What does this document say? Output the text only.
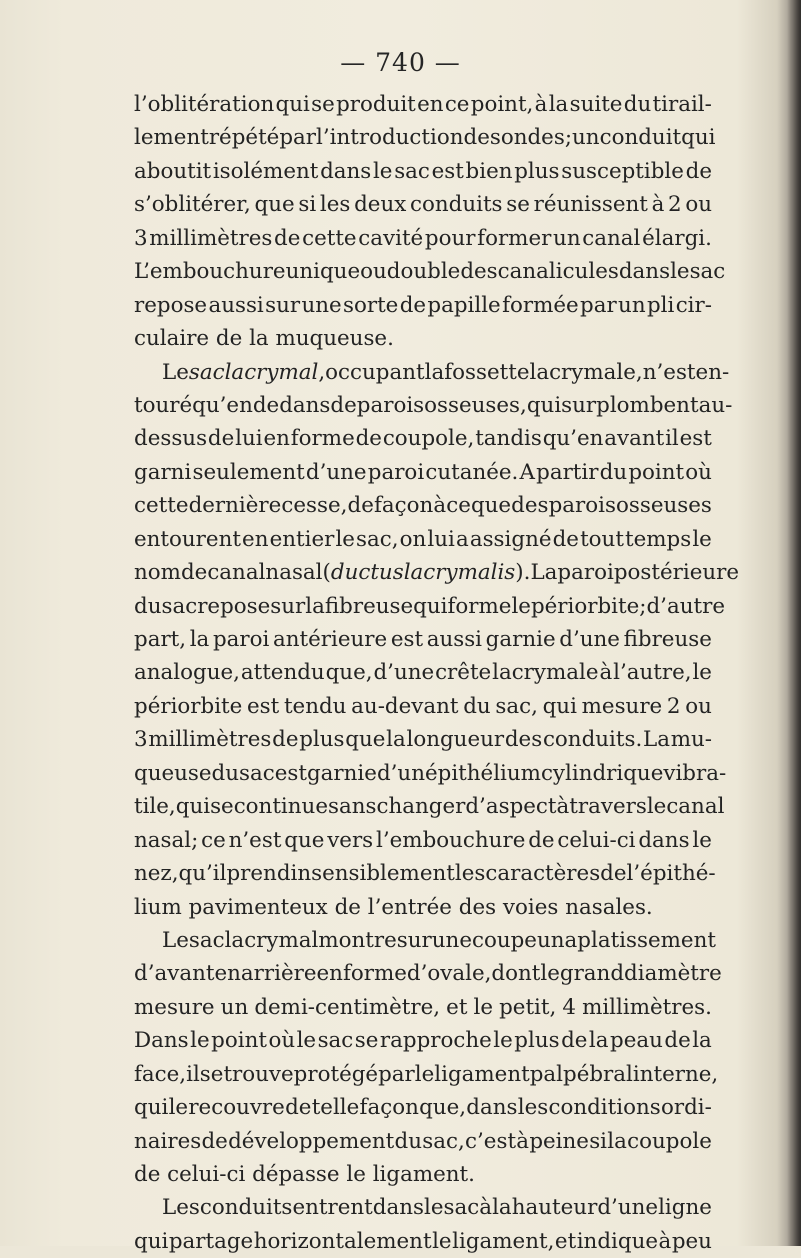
— 740 —
l’oblitération qui se produit en ce point, à la suite du tirail-
lement répété par l’introduction de sondes; un conduit qui
aboutit isolément dans le sac est bien plus susceptible de
s’oblitérer, que si les deux conduits se réunissent à 2 ou
3 millimètres de cette cavité pour former un canal élargi.
L’embouchure unique ou double des canalicules dans le sac
repose aussi sur une sorte de papille formée par un pli cir-
culaire
de
la
muqueuse.
Le sac lacrymal, occupant la fossette lacrymale, n’est en-
touré qu’en dedans de parois osseuses, qui surplombent au-
dessus de lui en forme de coupole, tandis qu’en avant il est
garni seulement d’une paroi cutanée. A partir du point où
cette dernière cesse, de façon à ce que des parois osseuses
entourent en entier le sac, on lui a assigné de tout temps le
nom de canal nasal (ductus lacrymalis). La paroi postérieure
du sac repose sur la fibreuse qui forme le périorbite ; d’autre
part, la paroi antérieure est aussi garnie d’une fibreuse
analogue, attendu que, d’une crête lacrymale à l’autre, le
périorbite est tendu au-devant du sac, qui mesure 2 ou
3 millimètres de plus que la longueur des conduits. La mu-
queuse du sac est garnie d’un épithélium cylindrique vibra-
tile, qui se continue sans changer d’aspect à travers le canal
nasal; ce n’est que vers l’embouchure de celui-ci dans le
nez, qu’il prend insensiblement les caractères de l’épithé-
lium
pavimenteux
de
l’entrée
des
voies
nasales.
Le sac lacrymal montre sur une coupe un aplatissement
d’avant en arrière en forme d’ovale, dont le grand diamètre
mesure un demi-centimètre, et le petit, 4 millimètres.
Dans le point où le sac se rapproche le plus de la peau de la
face, il se trouve protégé par le ligament palpébral interne,
qui le recouvre de telle façon que, dans les conditions ordi-
naires de développement du sac, c’est à peine si la coupole
de
celui-ci
dépasse
le
ligament.
Les conduits entrent dans le sac à la hauteur d’une ligne
qui partage horizontalement le ligament, et indique à peu
